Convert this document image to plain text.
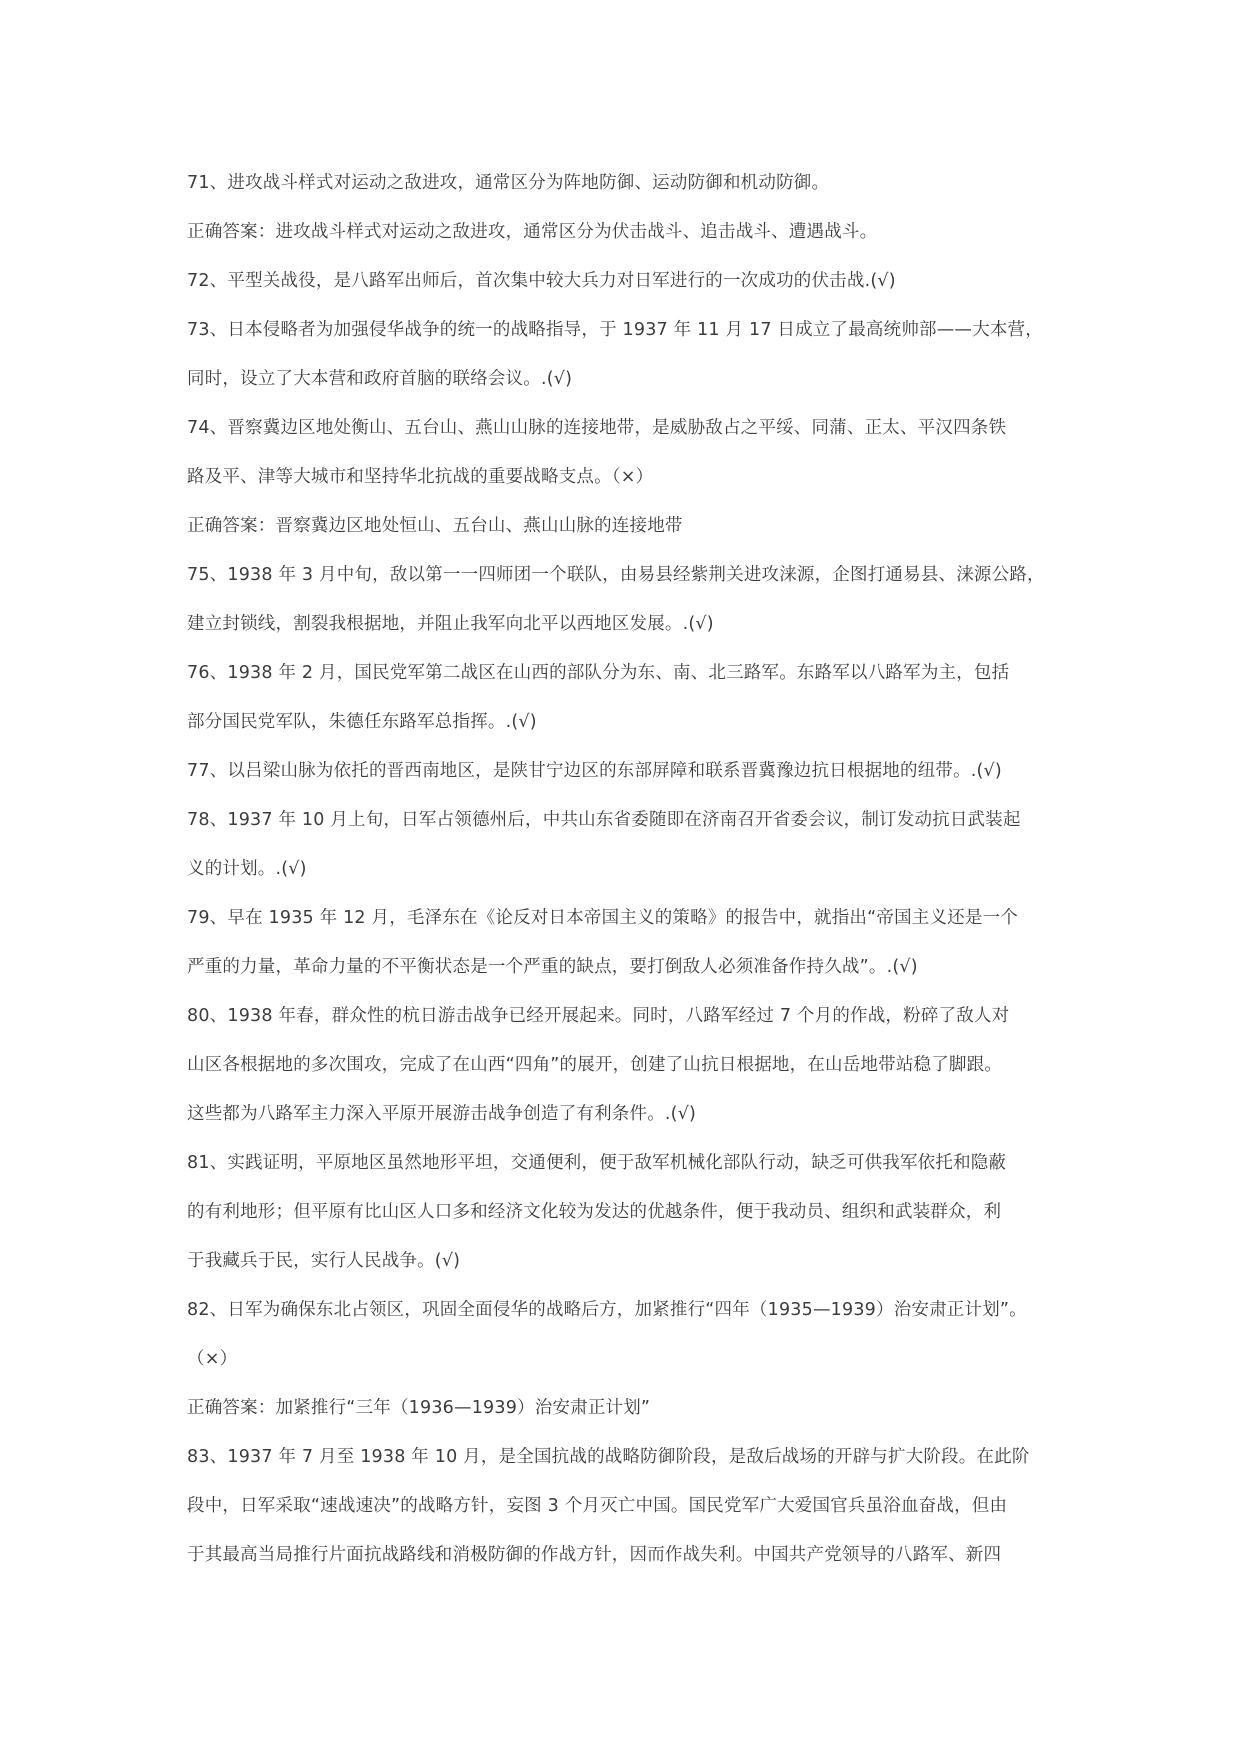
71、进攻战斗样式对运动之敌进攻，通常区分为阵地防御、运动防御和机动防御。
正确答案：进攻战斗样式对运动之敌进攻，通常区分为伏击战斗、追击战斗、遭遇战斗。
72、平型关战役，是八路军出师后，首次集中较大兵力对日军进行的一次成功的伏击战.(√)
73、日本侵略者为加强侵华战争的统一的战略指导，于 1937 年 11 月 17 日成立了最高统帅部——大本营，
同时，设立了大本营和政府首脑的联络会议。.(√)
74、晋察冀边区地处衡山、五台山、燕山山脉的连接地带，是威胁敌占之平绥、同蒲、正太、平汉四条铁
路及平、津等大城市和坚持华北抗战的重要战略支点。（×）
正确答案：晋察冀边区地处恒山、五台山、燕山山脉的连接地带
75、1938 年 3 月中旬，敌以第一一四师团一个联队，由易县经紫荆关进攻涞源，企图打通易县、涞源公路，
建立封锁线，割裂我根据地，并阻止我军向北平以西地区发展。.(√)
76、1938 年 2 月，国民党军第二战区在山西的部队分为东、南、北三路军。东路军以八路军为主，包括
部分国民党军队，朱德任东路军总指挥。.(√)
77、以吕梁山脉为依托的晋西南地区，是陕甘宁边区的东部屏障和联系晋冀豫边抗日根据地的纽带。.(√)
78、1937 年 10 月上旬，日军占领德州后，中共山东省委随即在济南召开省委会议，制订发动抗日武装起
义的计划。.(√)
79、早在 1935 年 12 月，毛泽东在《论反对日本帝国主义的策略》的报告中，就指出“帝国主义还是一个
严重的力量，革命力量的不平衡状态是一个严重的缺点，要打倒敌人必须准备作持久战”。.(√)
80、1938 年春，群众性的杭日游击战争已经开展起来。同时，八路军经过 7 个月的作战，粉碎了敌人对
山区各根据地的多次围攻，完成了在山西“四角”的展开，创建了山抗日根据地，在山岳地带站稳了脚跟。
这些都为八路军主力深入平原开展游击战争创造了有利条件。.(√)
81、实践证明，平原地区虽然地形平坦，交通便利，便于敌军机械化部队行动，缺乏可供我军依托和隐蔽
的有利地形；但平原有比山区人口多和经济文化较为发达的优越条件，便于我动员、组织和武装群众，利
于我藏兵于民，实行人民战争。(√)
82、日军为确保东北占领区，巩固全面侵华的战略后方，加紧推行“四年（1935—1939）治安肃正计划”。
（×）
正确答案：加紧推行“三年（1936—1939）治安肃正计划”
83、1937 年 7 月至 1938 年 10 月，是全国抗战的战略防御阶段，是敌后战场的开辟与扩大阶段。在此阶
段中，日军采取“速战速决”的战略方针，妄图 3 个月灭亡中国。国民党军广大爱国官兵虽浴血奋战，但由
于其最高当局推行片面抗战路线和消极防御的作战方针，因而作战失利。中国共产党领导的八路军、新四
